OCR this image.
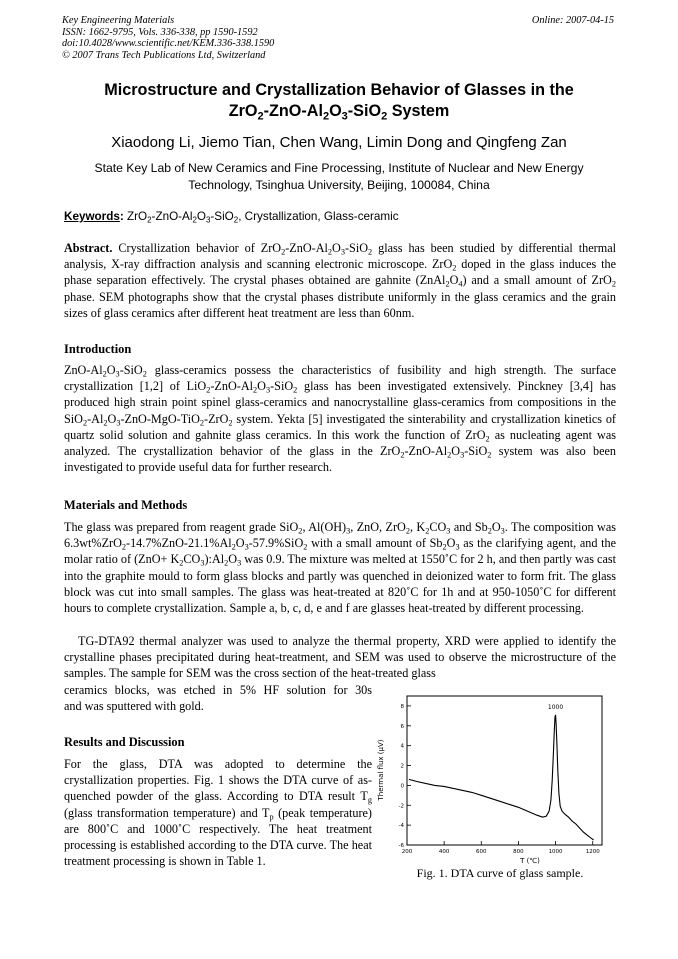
Key Engineering Materials
ISSN: 1662-9795, Vols. 336-338, pp 1590-1592
doi:10.4028/www.scientific.net/KEM.336-338.1590
© 2007 Trans Tech Publications Ltd, Switzerland
Online: 2007-04-15
Microstructure and Crystallization Behavior of Glasses in the
$ZrO_2-ZnO-Al_2O_3-SiO_2$ System
Xiaodong Li, Jiemo Tian, Chen Wang, Limin Dong and Qingfeng Zan
State Key Lab of New Ceramics and Fine Processing, Institute of Nuclear and New Energy
Technology, Tsinghua University, Beijing, 100084, China
Keywords: $ZrO_2-ZnO-Al_2O_3-SiO_2$, Crystallization, Glass-ceramic
Abstract. Crystallization behavior of $ZrO_2-ZnO-Al_2O_3-SiO_2$ glass has been studied by differential thermal analysis, X-ray diffraction analysis and scanning electronic microscope. ZrO$_2$ doped in the glass induces the phase separation effectively. The crystal phases obtained are gahnite $(ZnAl_2O_4)$ and a small amount of ZrO$_2$ phase. SEM photographs show that the crystal phases distribute uniformly in the glass ceramics and the grain sizes of glass ceramics after different heat treatment are less than 60nm.
Introduction
ZnO-$Al_2O_3-SiO_2$ glass-ceramics possess the characteristics of fusibility and high strength. The surface crystallization [1,2] of $LiO_2-ZnO-Al_2O_3-SiO_2$ glass has been investigated extensively. Pinckney [3,4] has produced high strain point spinel glass-ceramics and nanocrystalline glass-ceramics from compositions in the $SiO_2-Al_2O_3-ZnO-MgO-TiO_2-ZrO_2$ system. Yekta [5] investigated the sinterability and crystallization kinetics of quartz solid solution and gahnite glass ceramics. In this work the function of ZrO$_2$ as nucleating agent was analyzed. The crystallization behavior of the glass in the $ZrO_2-ZnO-Al_2O_3-SiO_2$ system was also been investigated to provide useful data for further research.
Materials and Methods
The glass was prepared from reagent grade SiO$_2$, $Al(OH)_3$, ZnO, ZrO$_2$, $K_2CO_3$ and $Sb_2O_3$. The composition was $6.3wt\%ZrO_2-14.7\%ZnO-21.1\%Al_2O_3-57.9\%SiO_2$ with a small amount of $Sb_2O_3$ as the clarifying agent, and the molar ratio of $(ZnO+ K_2CO_3):Al_2O_3$ was 0.9. The mixture was melted at 1550˚C for 2 h, and then partly was cast into the graphite mould to form glass blocks and partly was quenched in deionized water to form frit. The glass block was cut into small samples. The glass was heat-treated at 820˚C for 1h and at 950-1050˚C for different hours to complete crystallization. Sample a, b, c, d, e and f are glasses heat-treated by different processing.
TG-DTA92 thermal analyzer was used to analyze the thermal property, XRD were applied to identify the crystalline phases precipitated during heat-treatment, and SEM was used to observe the microstructure of the samples. The sample for SEM was the cross section of the heat-treated glass
ceramics blocks, was etched in 5% HF solution for 30s
and was sputtered with gold.
Results and Discussion
For the glass, DTA was adopted to determine the crystallization properties. Fig. 1 shows the DTA curve of as-quenched powder of the glass. According to DTA result $T_g$ (glass transformation temperature) and $T_p$ (peak temperature) are 800˚C and 1000˚C respectively. The heat treatment processing is established according to the DTA curve. The heat treatment processing is shown in Table 1.
-6
-4
-2
0
2
4
6
8
200	400	600	800	1000	1200
1000
T (℃)
Thermal flux (μV)
Fig. 1. DTA curve of glass sample.
